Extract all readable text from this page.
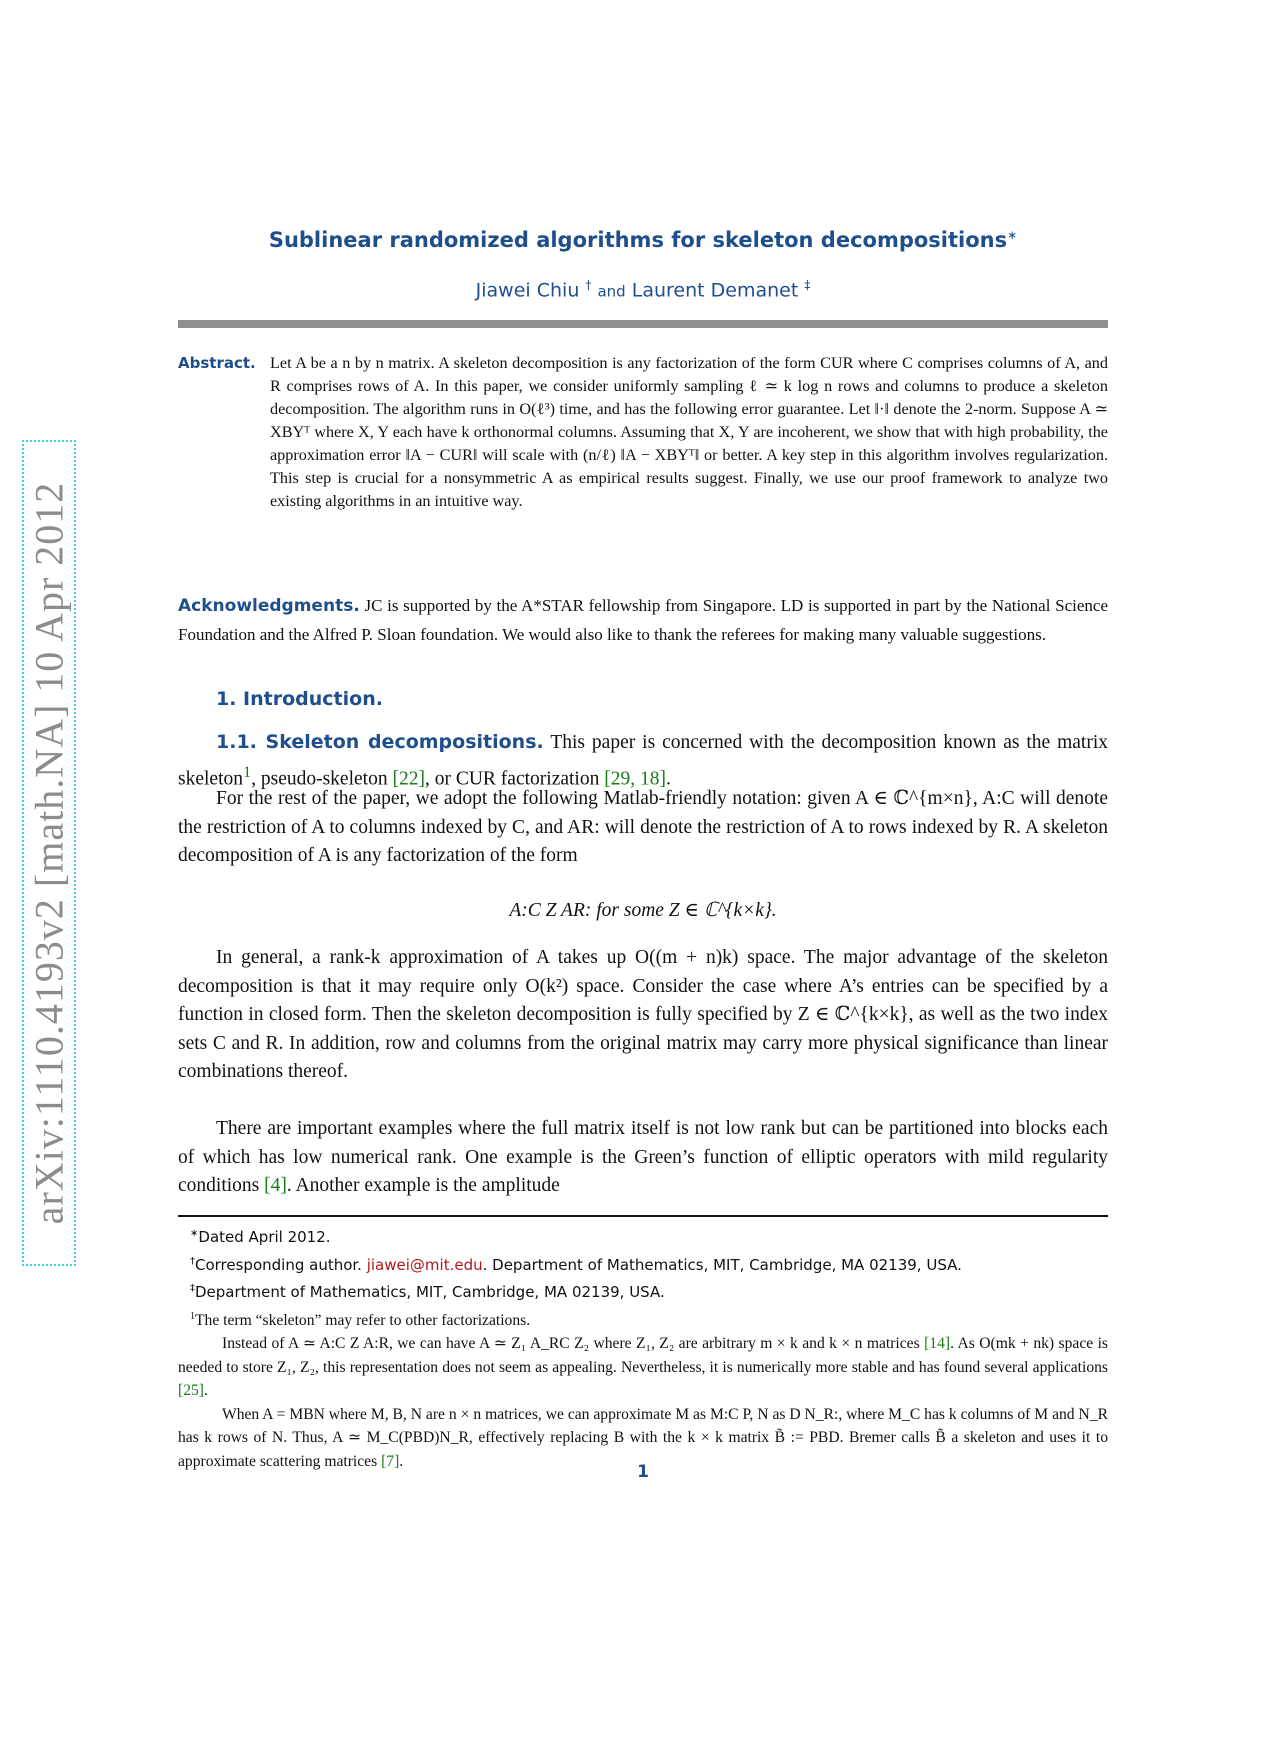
arXiv:1110.4193v2 [math.NA] 10 Apr 2012
Sublinear randomized algorithms for skeleton decompositions∗
Jiawei Chiu † and Laurent Demanet ‡
Abstract. Let A be a n by n matrix. A skeleton decomposition is any factorization of the form CUR where C comprises columns of A, and R comprises rows of A. In this paper, we consider uniformly sampling ℓ ≃ k log n rows and columns to produce a skeleton decomposition. The algorithm runs in O(ℓ³) time, and has the following error guarantee. Let ‖·‖ denote the 2-norm. Suppose A ≃ XBYᵀ where X, Y each have k orthonormal columns. Assuming that X, Y are incoherent, we show that with high probability, the approximation error ‖A − CUR‖ will scale with (n/ℓ) ‖A − XBYᵀ‖ or better. A key step in this algorithm involves regularization. This step is crucial for a nonsymmetric A as empirical results suggest. Finally, we use our proof framework to analyze two existing algorithms in an intuitive way.
Acknowledgments. JC is supported by the A*STAR fellowship from Singapore. LD is supported in part by the National Science Foundation and the Alfred P. Sloan foundation. We would also like to thank the referees for making many valuable suggestions.
1. Introduction.
1.1. Skeleton decompositions. This paper is concerned with the decomposition known as the matrix skeleton$^1$, pseudo-skeleton [22], or CUR factorization [29, 18].
For the rest of the paper, we adopt the following Matlab-friendly notation: given A ∈ ℂ^{m×n}, A:C will denote the restriction of A to columns indexed by C, and AR: will denote the restriction of A to rows indexed by R. A skeleton decomposition of A is any factorization of the form
A:C Z AR: for some Z ∈ ℂ^{k×k}.
In general, a rank-k approximation of A takes up O((m + n)k) space. The major advantage of the skeleton decomposition is that it may require only O(k²) space. Consider the case where A’s entries can be specified by a function in closed form. Then the skeleton decomposition is fully specified by Z ∈ ℂ^{k×k}, as well as the two index sets C and R. In addition, row and columns from the original matrix may carry more physical significance than linear combinations thereof.
There are important examples where the full matrix itself is not low rank but can be partitioned into blocks each of which has low numerical rank. One example is the Green’s function of elliptic operators with mild regularity conditions [4]. Another example is the amplitude

∗Dated April 2012.

†Corresponding author. jiawei@mit.edu. Department of Mathematics, MIT, Cambridge, MA 02139, USA.

‡Department of Mathematics, MIT, Cambridge, MA 02139, USA.

$^1$The term “skeleton” may refer to other factorizations.

Instead of A ≃ A:C Z A:R, we can have A ≃ Z₁ A_RC Z₂ where Z₁, Z₂ are arbitrary m × k and k × n matrices [14]. As O(mk + nk) space is needed to store Z₁, Z₂, this representation does not seem as appealing. Nevertheless, it is numerically more stable and has found several applications [25].

When A = MBN where M, B, N are n × n matrices, we can approximate M as M:C P, N as D N_R:, where M_C has k columns of M and N_R has k rows of N. Thus, A ≃ M_C(PBD)N_R, effectively replacing B with the k × k matrix B̃ := PBD. Bremer calls B̃ a skeleton and uses it to approximate scattering matrices [7].

1
